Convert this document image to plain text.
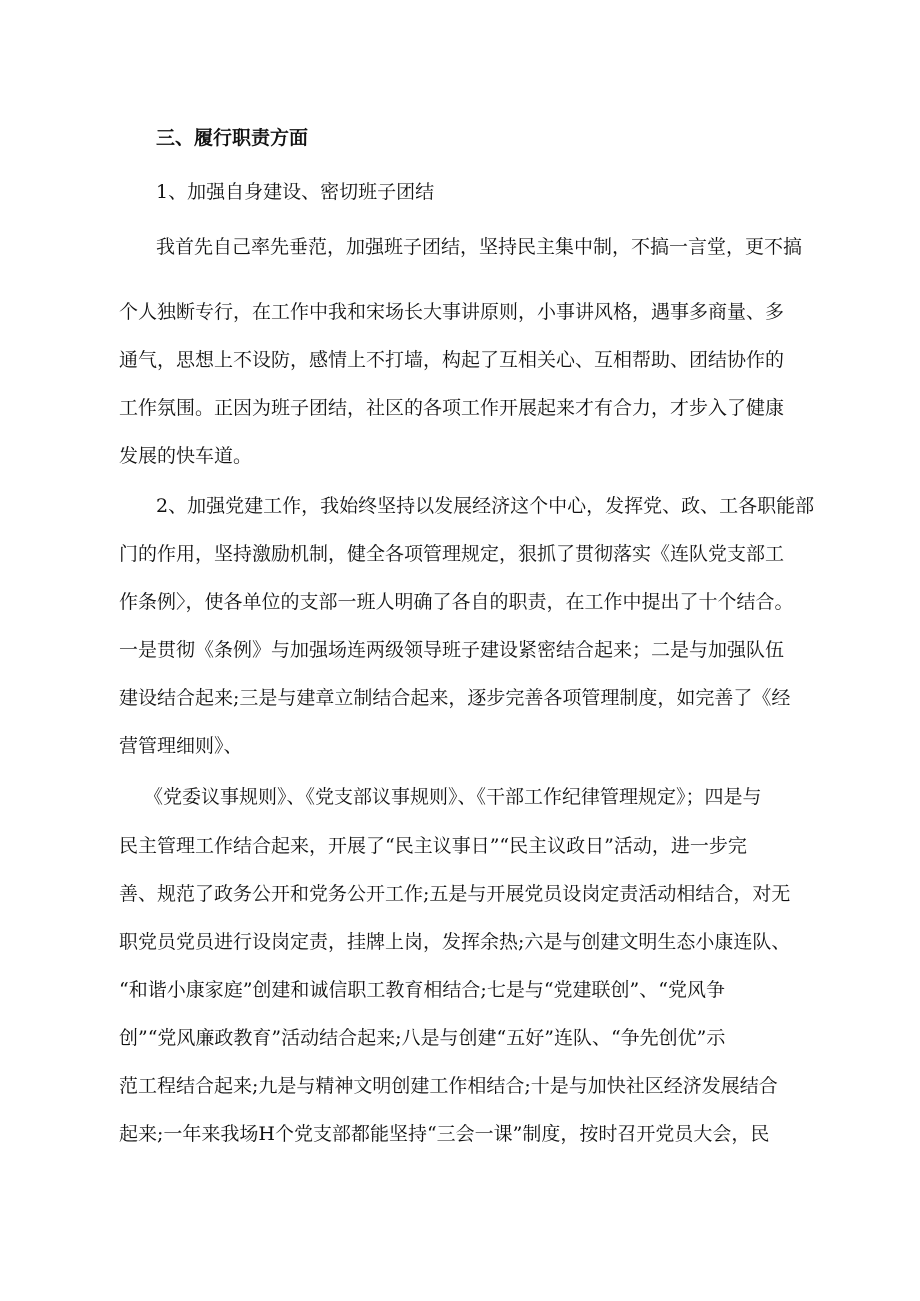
三、履行职责方面

1、加强自身建设、密切班子团结

我首先自己率先垂范，加强班子团结，坚持民主集中制，不搞一言堂，更不搞

个人独断专行，在工作中我和宋场长大事讲原则，小事讲风格，遇事多商量、多

通气，思想上不设防，感情上不打墙，构起了互相关心、互相帮助、团结协作的

工作氛围。正因为班子团结，社区的各项工作开展起来才有合力，才步入了健康

发展的快车道。

2、加强党建工作，我始终坚持以发展经济这个中心，发挥党、政、工各职能部

门的作用，坚持激励机制，健全各项管理规定，狠抓了贯彻落实《连队党支部工

作条例〉，使各单位的支部一班人明确了各自的职责，在工作中提出了十个结合。

一是贯彻《条例》与加强场连两级领导班子建设紧密结合起来；二是与加强队伍

建设结合起来;三是与建章立制结合起来，逐步完善各项管理制度，如完善了《经

营管理细则》、

《党委议事规则》、《党支部议事规则》、《干部工作纪律管理规定》；四是与

民主管理工作结合起来，开展了“民主议事日”“民主议政日”活动，进一步完

善、规范了政务公开和党务公开工作;五是与开展党员设岗定责活动相结合，对无

职党员党员进行设岗定责，挂牌上岗，发挥余热;六是与创建文明生态小康连队、

“和谐小康家庭”创建和诚信职工教育相结合;七是与“党建联创”、“党风争

创”“党风廉政教育”活动结合起来;八是与创建“五好”连队、“争先创优”示

范工程结合起来;九是与精神文明创建工作相结合;十是与加快社区经济发展结合

起来;一年来我场H个党支部都能坚持“三会一课”制度，按时召开党员大会，民
